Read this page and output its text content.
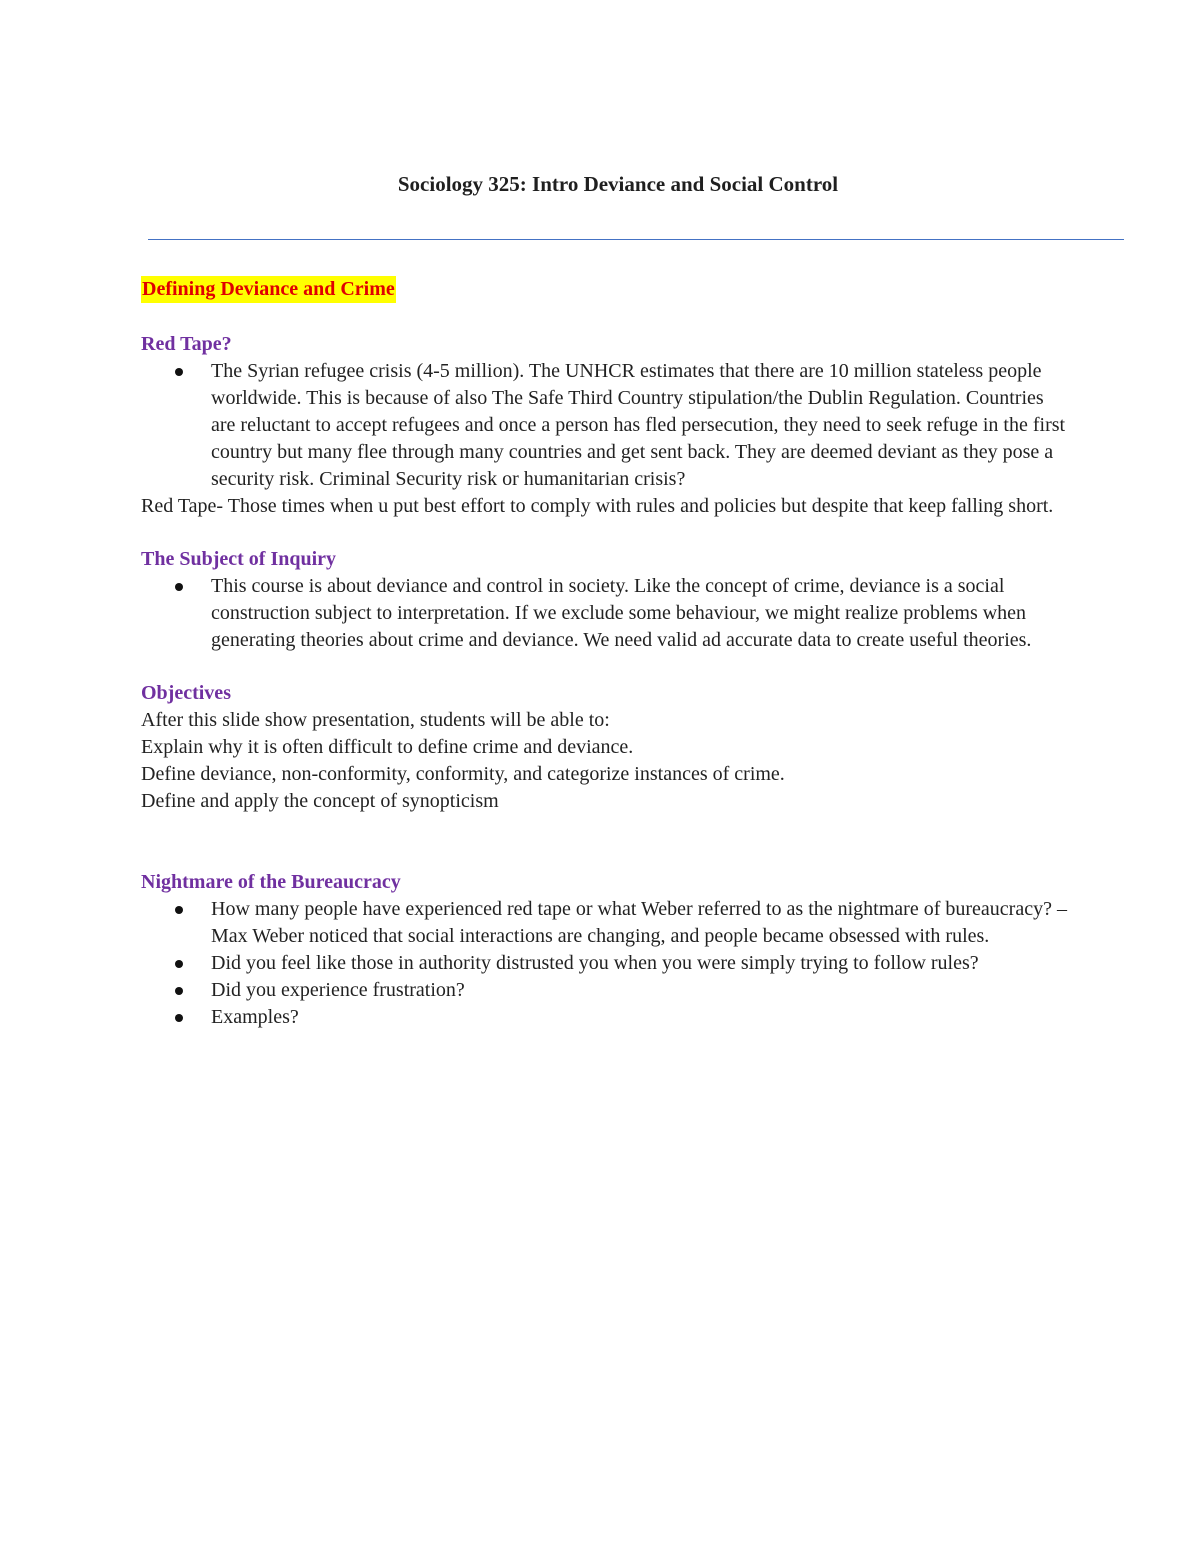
Sociology 325: Intro Deviance and Social Control
Defining Deviance and Crime

Red Tape?

The Syrian refugee crisis (4-5 million). The UNHCR estimates that there are 10 million stateless people worldwide. This is because of also The Safe Third Country stipulation/the Dublin Regulation. Countries are reluctant to accept refugees and once a person has fled persecution, they need to seek refuge in the first country but many flee through many countries and get sent back. They are deemed deviant as they pose a security risk. Criminal Security risk or humanitarian crisis?

Red Tape- Those times when u put best effort to comply with rules and policies but despite that keep falling short.

The Subject of Inquiry

This course is about deviance and control in society. Like the concept of crime, deviance is a social construction subject to interpretation. If we exclude some behaviour, we might realize problems when generating theories about crime and deviance. We need valid ad accurate data to create useful theories.

Objectives

After this slide show presentation, students will be able to:

Explain why it is often difficult to define crime and deviance.

Define deviance, non-conformity, conformity, and categorize instances of crime.

Define and apply the concept of synopticism

Nightmare of the Bureaucracy

How many people have experienced red tape or what Weber referred to as the nightmare of bureaucracy? – Max Weber noticed that social interactions are changing, and people became obsessed with rules.
Did you feel like those in authority distrusted you when you were simply trying to follow rules?
Did you experience frustration?
Examples?
